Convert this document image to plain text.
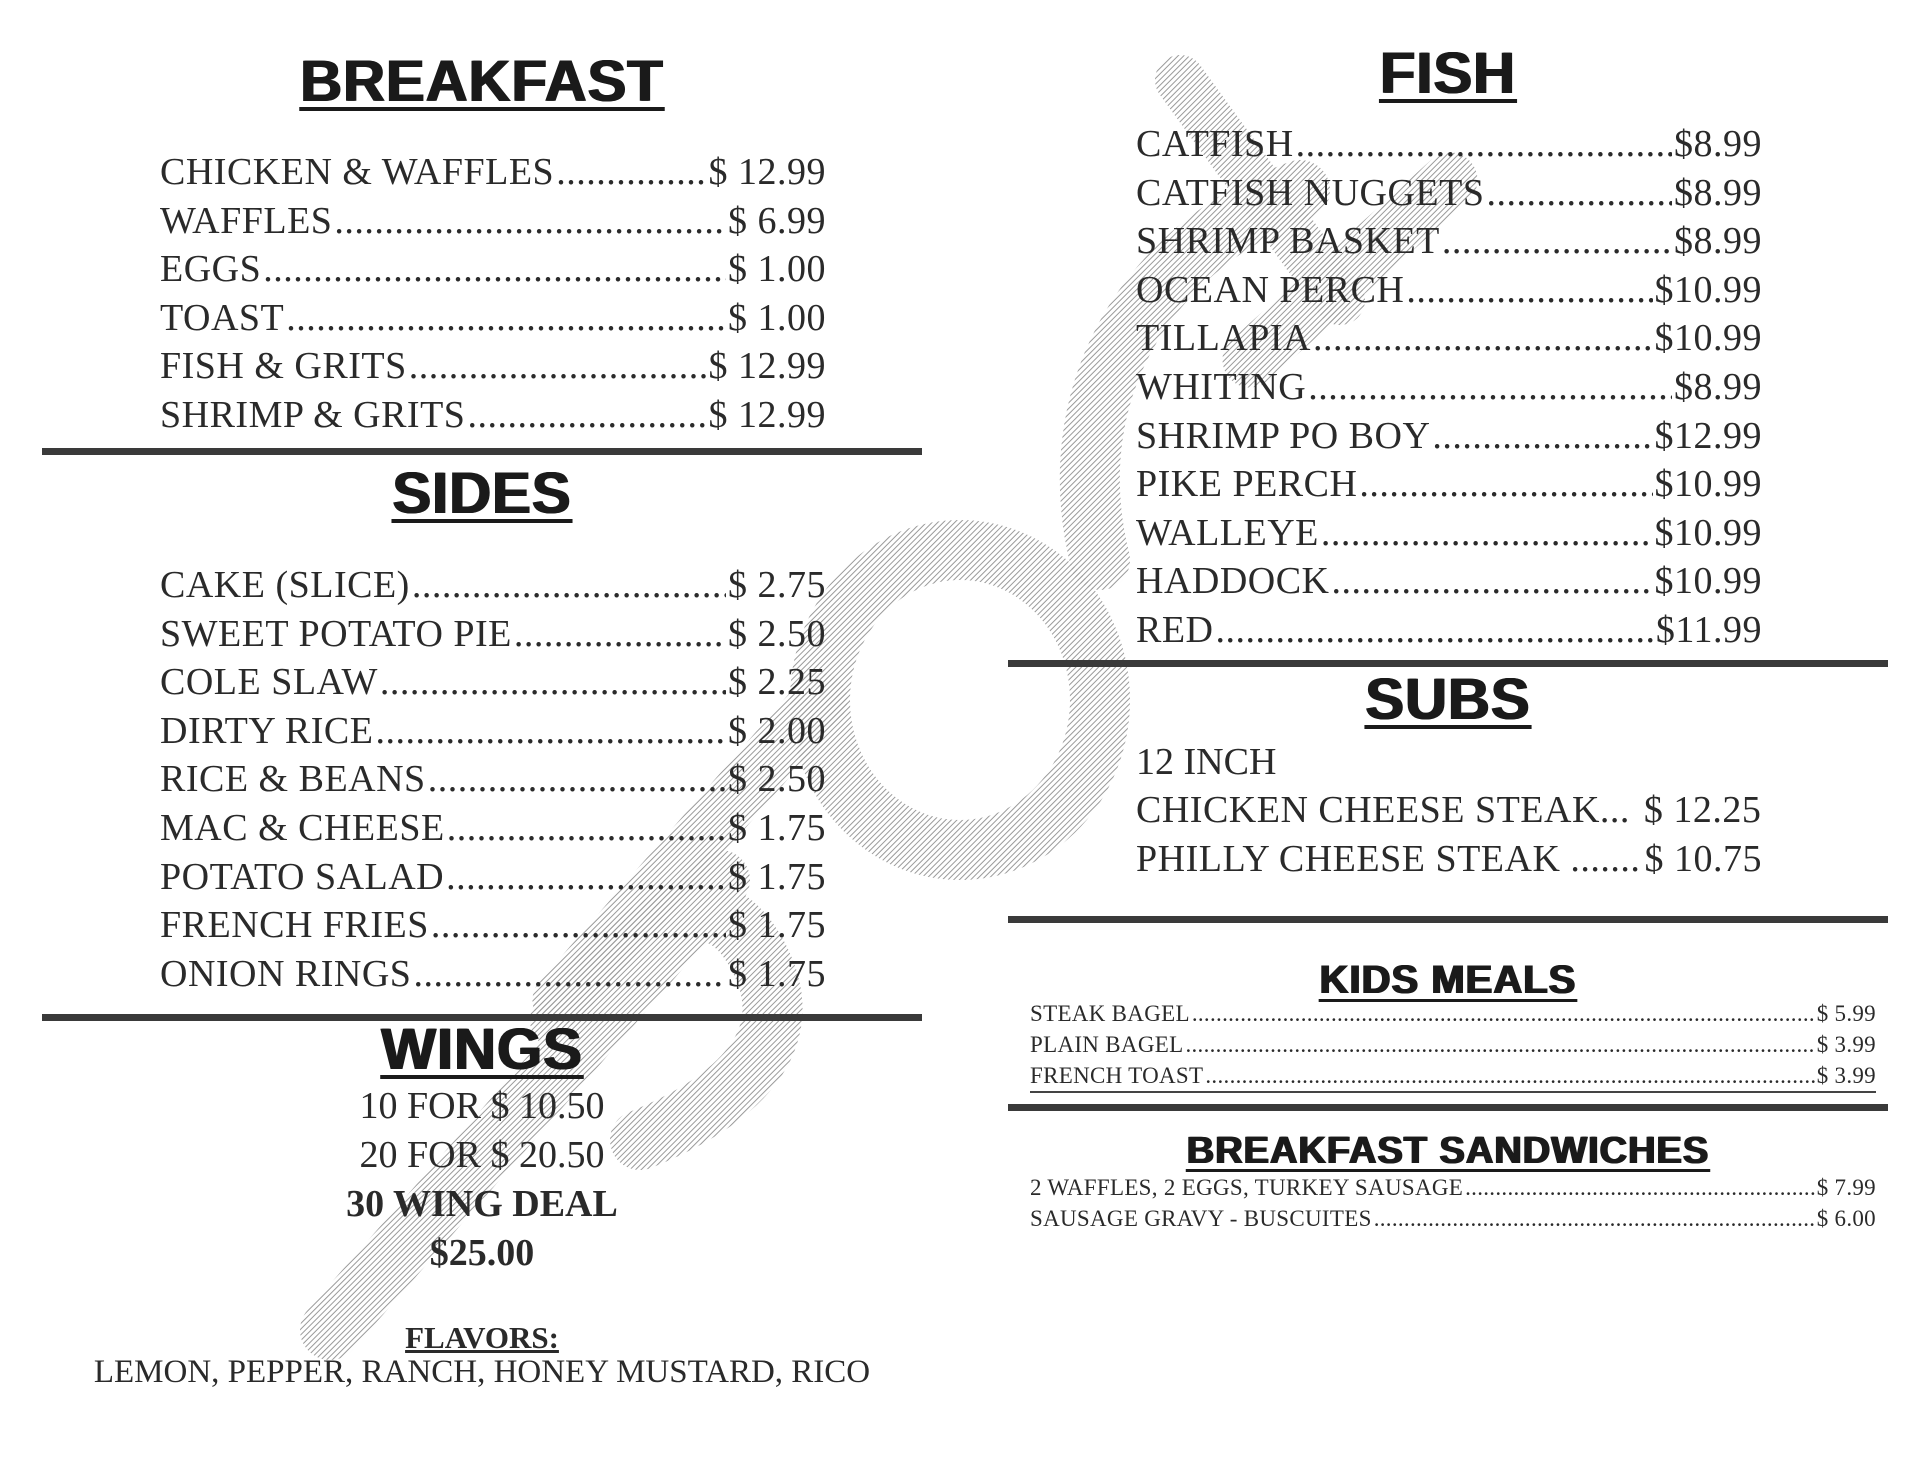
BREAKFAST
CHICKEN & WAFFLES .....	$ 12.99
WAFFLES .....	$ 6.99
EGGS .....	$ 1.00
TOAST .....	$ 1.00
FISH & GRITS .....	$ 12.99
SHRIMP & GRITS .....	$ 12.99
SIDES
CAKE (SLICE) .....	$ 2.75
SWEET POTATO PIE .....	$ 2.50
COLE SLAW .....	$ 2.25
DIRTY RICE .....	$ 2.00
RICE & BEANS .....	$ 2.50
MAC & CHEESE .....	$ 1.75
POTATO SALAD .....	$ 1.75
FRENCH FRIES .....	$ 1.75
ONION RINGS .....	$ 1.75
WINGS
10 FOR $ 10.50
20 FOR $ 20.50
30 WING DEAL
$25.00
FLAVORS:
LEMON, PEPPER, RANCH, HONEY MUSTARD, RICO
FISH
CATFISH .....	$8.99
CATFISH NUGGETS .....	$8.99
SHRIMP BASKET .....	$8.99
OCEAN PERCH .....	$10.99
TILLAPIA .....	$10.99
WHITING .....	$8.99
SHRIMP PO BOY .....	$12.99
PIKE PERCH .....	$10.99
WALLEYE .....	$10.99
HADDOCK .....	$10.99
RED .....	$11.99
SUBS
12 INCH
CHICKEN CHEESE STEAK... $ 12.25
PHILLY CHEESE STEAK ....... $ 10.75
KIDS MEALS
STEAK BAGEL .....	$ 5.99
PLAIN BAGEL .....	$ 3.99
FRENCH TOAST .....	$ 3.99
BREAKFAST SANDWICHES
2 WAFFLES, 2 EGGS, TURKEY SAUSAGE .....	$ 7.99
SAUSAGE GRAVY - BUSCUITES .....	$ 6.00
